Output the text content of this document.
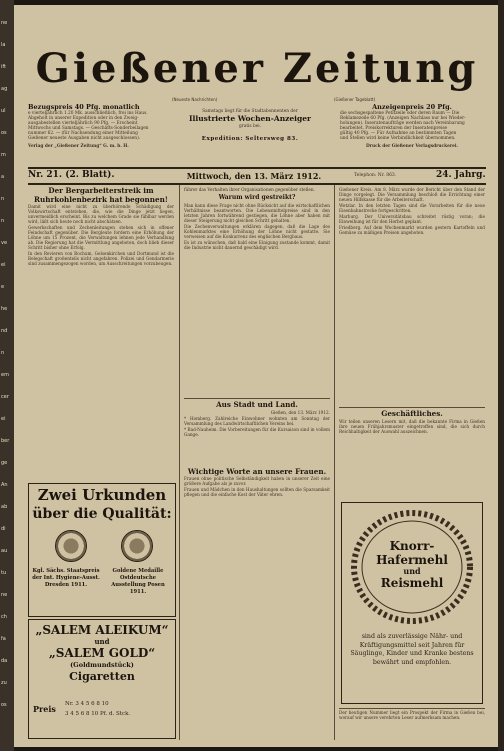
ne
la
ift
ag
ul
os
m
a
n
n
ve
ei
e
he
nd
n
em
cer
ei
ber
ge
An
ab
di
au
tu
ne
ch
fa
da
zu
os
Gießener Zeitung
(Neueste Nachrichten)	(Gießener Tageblatt)
Bezugspreis 40 Pfg. monatlich
e vierteljährlich 1.20 Mk. ausschließlich, frei ins Haus.
Abgeholt in unserer Expedition oder in den Zweig-
ausgabestellen vierteljährlich 90 Pfg. — Erscheint
Mittwochs und Samstags. — Geschäfts-Sonderbeilagen
nummer 62. — (für Nachsendung einer Mitteilung
Gießener neueste Ausgaben nicht ausgeschlossen).
Verlag der „Gießener Zeitung“ G. m. b. H.
Samstags liegt für die Stadtabonnenten der
Illustrierte Wochen-Anzeiger
gratis bei.
Expedition: Seltersweg 83.
Anzeigenpreis 20 Pfg.
die sechsgespaltene Petitzeile oder deren Raum — Die
Reklamezeile 60 Pfg. (Anzeigen Nachlass nur bei Wieder-
holungen). Inseratenaufträge werden nach Vereinbarung
bearbeitet. Preiskorrekturen der Inseratenpreise
gültig 40 Pfg. — Für Aufnahme an bestimmten Tagen
und Stellen wird keine Verbindlichkeit übernommen.
Druck der Gießener Verlagsdruckerei.
Nr. 21. (2. Blatt).	Mittwoch, den 13. März 1912.	Telephon: Nr. 863.	24. Jahrg.
Der Bergarbeiterstreik im Ruhrkohlenbezirk hat begonnen!

Damit wird eine nicht zu überhörende Schädigung der Volkswirtschaft entstehen, die, wie die Dinge jetzt liegen, unvermeidlich erscheint. Bis zu welchem Grade sie fühlbar werden wird, läßt sich heute noch nicht abschätzen.

Gewerkschaften und Zechenleitungen stehen sich in offener Feindschaft gegenüber. Die Bergleute fordern eine Erhöhung der Löhne um 15 Prozent, die Verwaltungen lehnen jede Verhandlung ab. Die Regierung hat die Vermittlung angeboten, doch blieb dieser Schritt bisher ohne Erfolg.

In den Revieren von Bochum, Gelsenkirchen und Dortmund ist die Belegschaft großenteils nicht angefahren. Polizei und Gendarmerie sind zusammengezogen worden, um Ausschreitungen vorzubeugen.

Zwei Urkunden
über die Qualität:
Kgl. Sächs. Staatspreis der Int. Hygiene-Ausst. Dresden 1911.
Goldene Medaille Ostdeutsche Ausstellung Posen 1911.
„SALEM ALEIKUM“
und
„SALEM GOLD“
(Goldmundstück)
Cigaretten
Preis Nr. 3 4 5 6 8 10
3 4 5 6 8 10 Pf. d. Stck.

führer das Verhalten ihrer Organisationen gegenüber stellen.

Warum wird gestreikt?

Man kann diese Frage nicht ohne Rücksicht auf die wirtschaftlichen Verhältnisse beantworten. Die Lebensmittelpreise sind in den letzten Jahren fortwährend gestiegen, die Löhne aber haben mit dieser Steigerung nicht gleichen Schritt gehalten.

Die Zechenverwaltungen erklären dagegen, daß die Lage des Kohlenmarktes eine Erhöhung der Löhne nicht gestatte. Sie verweisen auf die Konkurrenz des englischen Bergbaus.

Es ist zu wünschen, daß bald eine Einigung zustande kommt, damit die Industrie nicht dauernd geschädigt wird.

Aus Stadt und Land.

Gießen, den 13. März 1912.

* Homberg. Zahlreiche Einwohner wohnten am Sonntag der Versammlung des Landwirtschaftlichen Vereins bei.

* Bad-Nauheim. Die Vorbereitungen für die Kursaison sind in vollem Gange.

Wichtige Worte an unsere Frauen.

Frauen ohne politische Selbständigkeit haben in unserer Zeit eine größere Aufgabe als je zuvor.

Frauen und Mädchen in den Haushaltungen sollten die Sparsamkeit pflegen und die einfache Kost der Väter ehren.

Gießener Kreis. Am 8. März wurde der Bericht über den Stand der Dinge vorgelegt. Die Versammlung beschloß die Errichtung einer neuen Hilfskasse für die Arbeiterschaft.

Wetzlar. In den letzten Tagen sind die Vorarbeiten für die neue Eisenbahnstrecke fortgeschritten.

Marburg. Der Universitätsbau schreitet rüstig voran; die Einweihung ist für den Herbst geplant.

Friedberg. Auf dem Wochenmarkt wurden gestern Kartoffeln und Gemüse zu mäßigen Preisen angeboten.

Geschäftliches.

Wir teilen unseren Lesern mit, daß die bekannte Firma in Gießen ihre neuen Frühjahrsmuster eingetroffen sind, die sich durch Reichhaltigkeit der Auswahl auszeichnen.

Knorr-
Hafermehl
und
Reismehl
sind als zuverlässige Nähr- und Kräftigungsmittel seit Jahren für Säuglinge, Kinder und Kranke bestens bewährt und empfohlen.

Der heutigen Nummer liegt ein Prospekt der Firma in Gießen bei, worauf wir unsere verehrten Leser aufmerksam machen.
